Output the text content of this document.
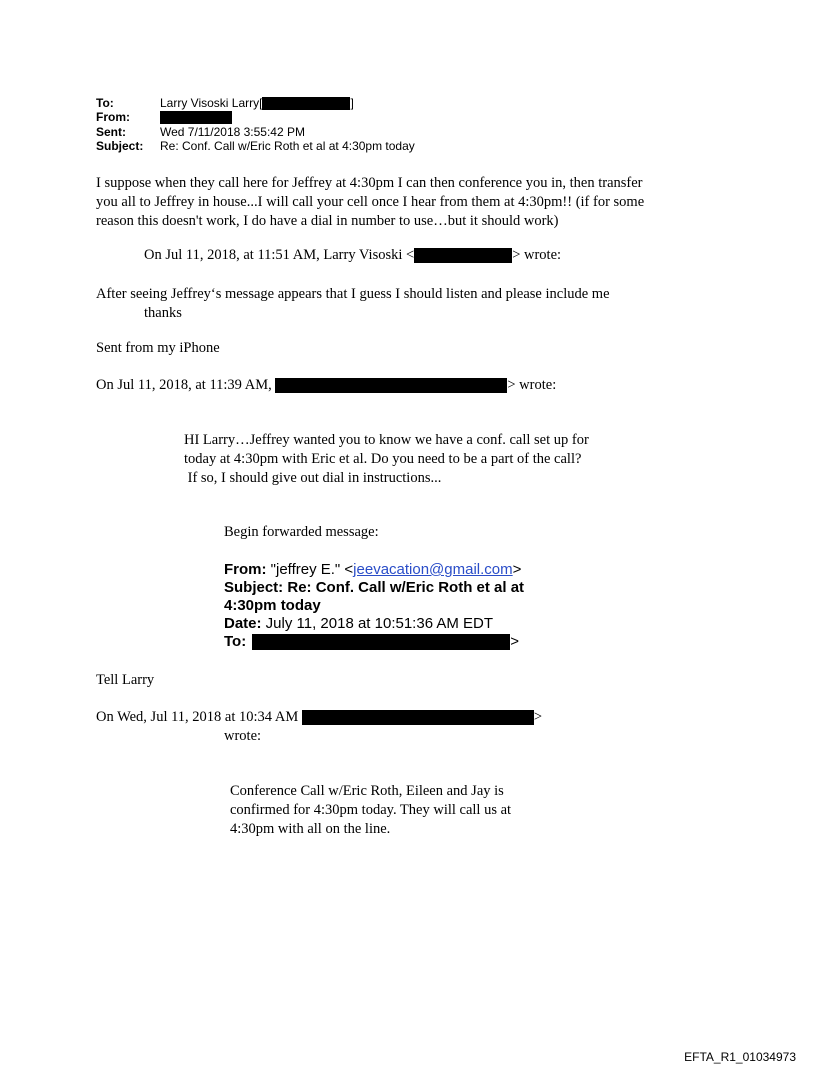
To:	Larry Visoski Larry[	]
From:
Sent:	Wed 7/11/2018 3:55:42 PM
Subject: Re: Conf. Call w/Eric Roth et al at 4:30pm today
I suppose when they call here for Jeffrey at 4:30pm I can then conference you in, then transfer
you all to Jeffrey in house...I will call your cell once I hear from them at 4:30pm!! (if for some
reason this doesn't work, I do have a dial in number to use…but it should work)
On Jul 11, 2018, at 11:51 AM, Larry Visoski <	> wrote:
After seeing Jeffrey‘s message appears that I guess I should listen and please include me
thanks
Sent from my iPhone
On Jul 11, 2018, at 11:39 AM,	> wrote:
HI Larry…Jeffrey wanted you to know we have a conf. call set up for
today at 4:30pm with Eric et al. Do you need to be a part of the call?
If so, I should give out dial in instructions...
Begin forwarded message:
From: "jeffrey E." <jeevacation@gmail.com>
Subject: Re: Conf. Call w/Eric Roth et al at
4:30pm today
Date: July 11, 2018 at 10:51:36 AM EDT
To:	>
Tell Larry
On Wed, Jul 11, 2018 at 10:34 AM	>
wrote:
Conference Call w/Eric Roth, Eileen and Jay is
confirmed for 4:30pm today. They will call us at
4:30pm with all on the line.
EFTA_R1_01034973
